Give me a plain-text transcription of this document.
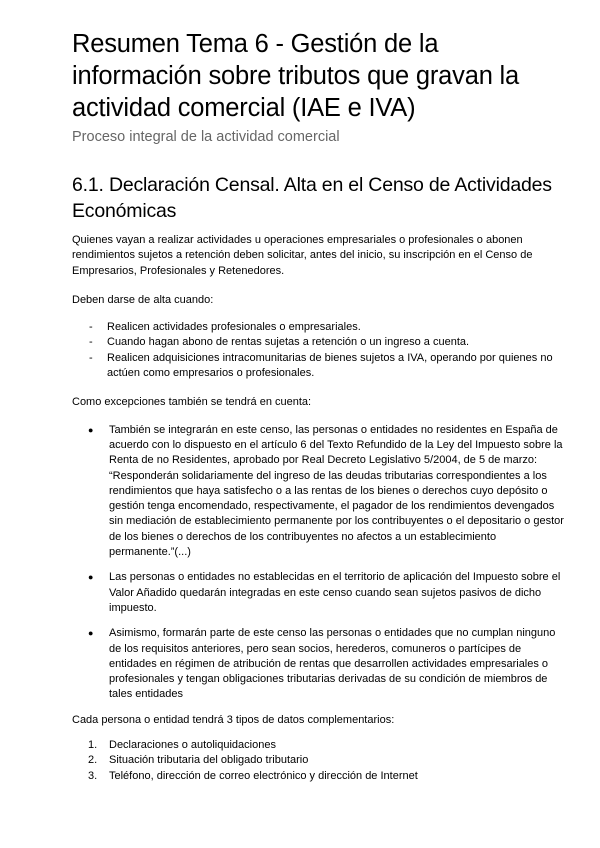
Resumen Tema 6 - Gestión de la información sobre tributos que gravan la actividad comercial (IAE e IVA)
Proceso integral de la actividad comercial
6.1. Declaración Censal. Alta en el Censo de Actividades Económicas

Quienes vayan a realizar actividades u operaciones empresariales o profesionales o abonen rendimientos sujetos a retención deben solicitar, antes del inicio, su inscripción en el Censo de Empresarios, Profesionales y Retenedores.

Deben darse de alta cuando:

- Realicen actividades profesionales o empresariales.
- Cuando hagan abono de rentas sujetas a retención o un ingreso a cuenta.
- Realicen adquisiciones intracomunitarias de bienes sujetos a IVA, operando por quienes no actúen como empresarios o profesionales.

Como excepciones también se tendrá en cuenta:

● También se integrarán en este censo, las personas o entidades no residentes en España de acuerdo con lo dispuesto en el artículo 6 del Texto Refundido de la Ley del Impuesto sobre la Renta de no Residentes, aprobado por Real Decreto Legislativo 5/2004, de 5 de marzo: “Responderán solidariamente del ingreso de las deudas tributarias correspondientes a los rendimientos que haya satisfecho o a las rentas de los bienes o derechos cuyo depósito o gestión tenga encomendado, respectivamente, el pagador de los rendimientos devengados sin mediación de establecimiento permanente por los contribuyentes o el depositario o gestor de los bienes o derechos de los contribuyentes no afectos a un establecimiento permanente.”(...)
● Las personas o entidades no establecidas en el territorio de aplicación del Impuesto sobre el Valor Añadido quedarán integradas en este censo cuando sean sujetos pasivos de dicho impuesto.
● Asimismo, formarán parte de este censo las personas o entidades que no cumplan ninguno de los requisitos anteriores, pero sean socios, herederos, comuneros o partícipes de entidades en régimen de atribución de rentas que desarrollen actividades empresariales o profesionales y tengan obligaciones tributarias derivadas de su condición de miembros de tales entidades

Cada persona o entidad tendrá 3 tipos de datos complementarios:

1. Declaraciones o autoliquidaciones
2. Situación tributaria del obligado tributario
3. Teléfono, dirección de correo electrónico y dirección de Internet
